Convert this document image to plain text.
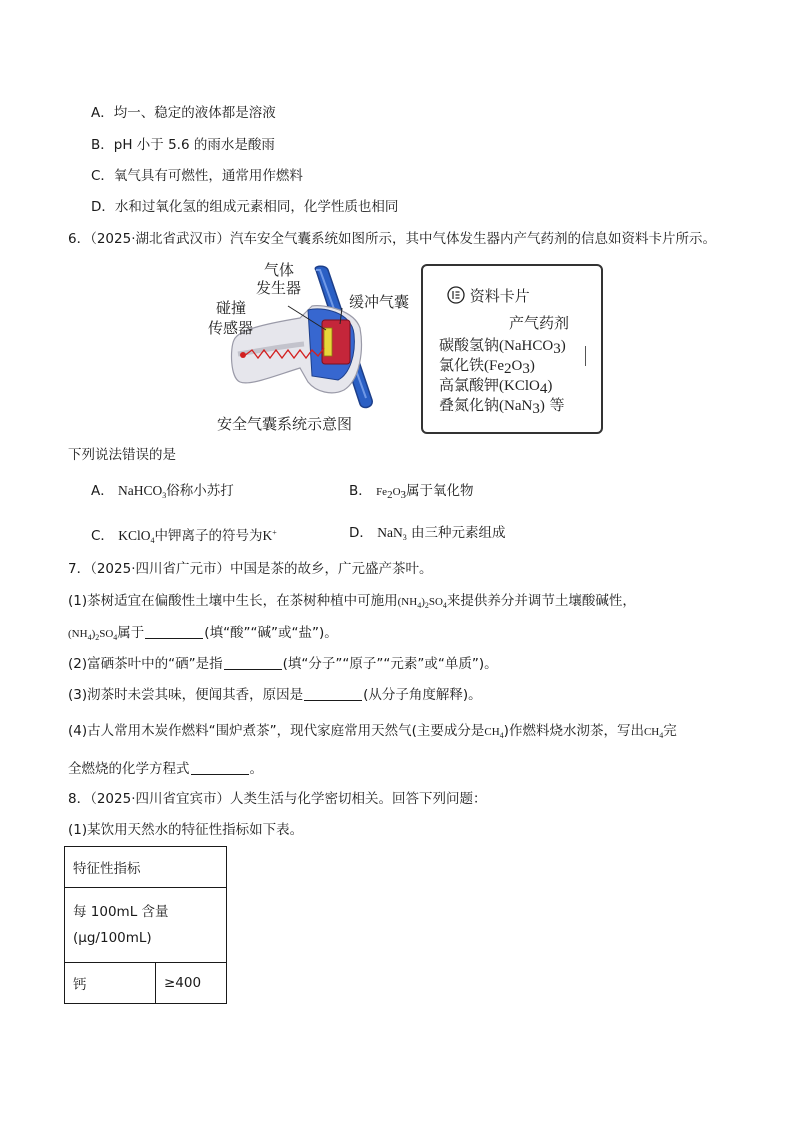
A．均一、稳定的液体都是溶液
B．pH 小于 5.6 的雨水是酸雨
C．氧气具有可燃性，通常用作燃料
D．水和过氧化氢的组成元素相同，化学性质也相同
6．（2025·湖北省武汉市）汽车安全气囊系统如图所示，其中气体发生器内产气药剂的信息如资料卡片所示。
气体
发生器
缓冲气囊
碰撞
传感器
安全气囊系统示意图
资料卡片
产气药剂
碳酸氢钠(NaHCO$_3$)
氯化铁$(Fe_2O_3)$
高氯酸钾(KClO$_4$)
叠氮化钠(NaN$_3$) 等
下列说法错误的是
A． NaHCO$_3$俗称小苏打	B． $Fe_2O_3$属于氧化物
C． KClO$_4$中钾离子的符号为K+	D． NaN$_3$ 由三种元素组成
7．（2025·四川省广元市）中国是茶的故乡，广元盛产茶叶。
(1)茶树适宜在偏酸性土壤中生长，在茶树种植中可施用$(NH_4)_2SO_4$来提供养分并调节土壤酸碱性，
$(NH_4)_2SO_4$属于	(填“酸”“碱”或“盐”)。
(2)富硒茶叶中的“硒”是指	(填“分子”“原子”“元素”或“单质”)。
(3)沏茶时未尝其味，便闻其香，原因是	(从分子角度解释)。
(4)古人常用木炭作燃料“围炉煮茶”，现代家庭常用天然气(主要成分是$CH_4$)作燃料烧水沏茶，写出$CH_4$完
全燃烧的化学方程式	。
8．（2025·四川省宜宾市）人类生活与化学密切相关。回答下列问题：
(1)某饮用天然水的特征性指标如下表。
特征性指标

每 100mL 含量
(μg/100mL)

钙	≥400
